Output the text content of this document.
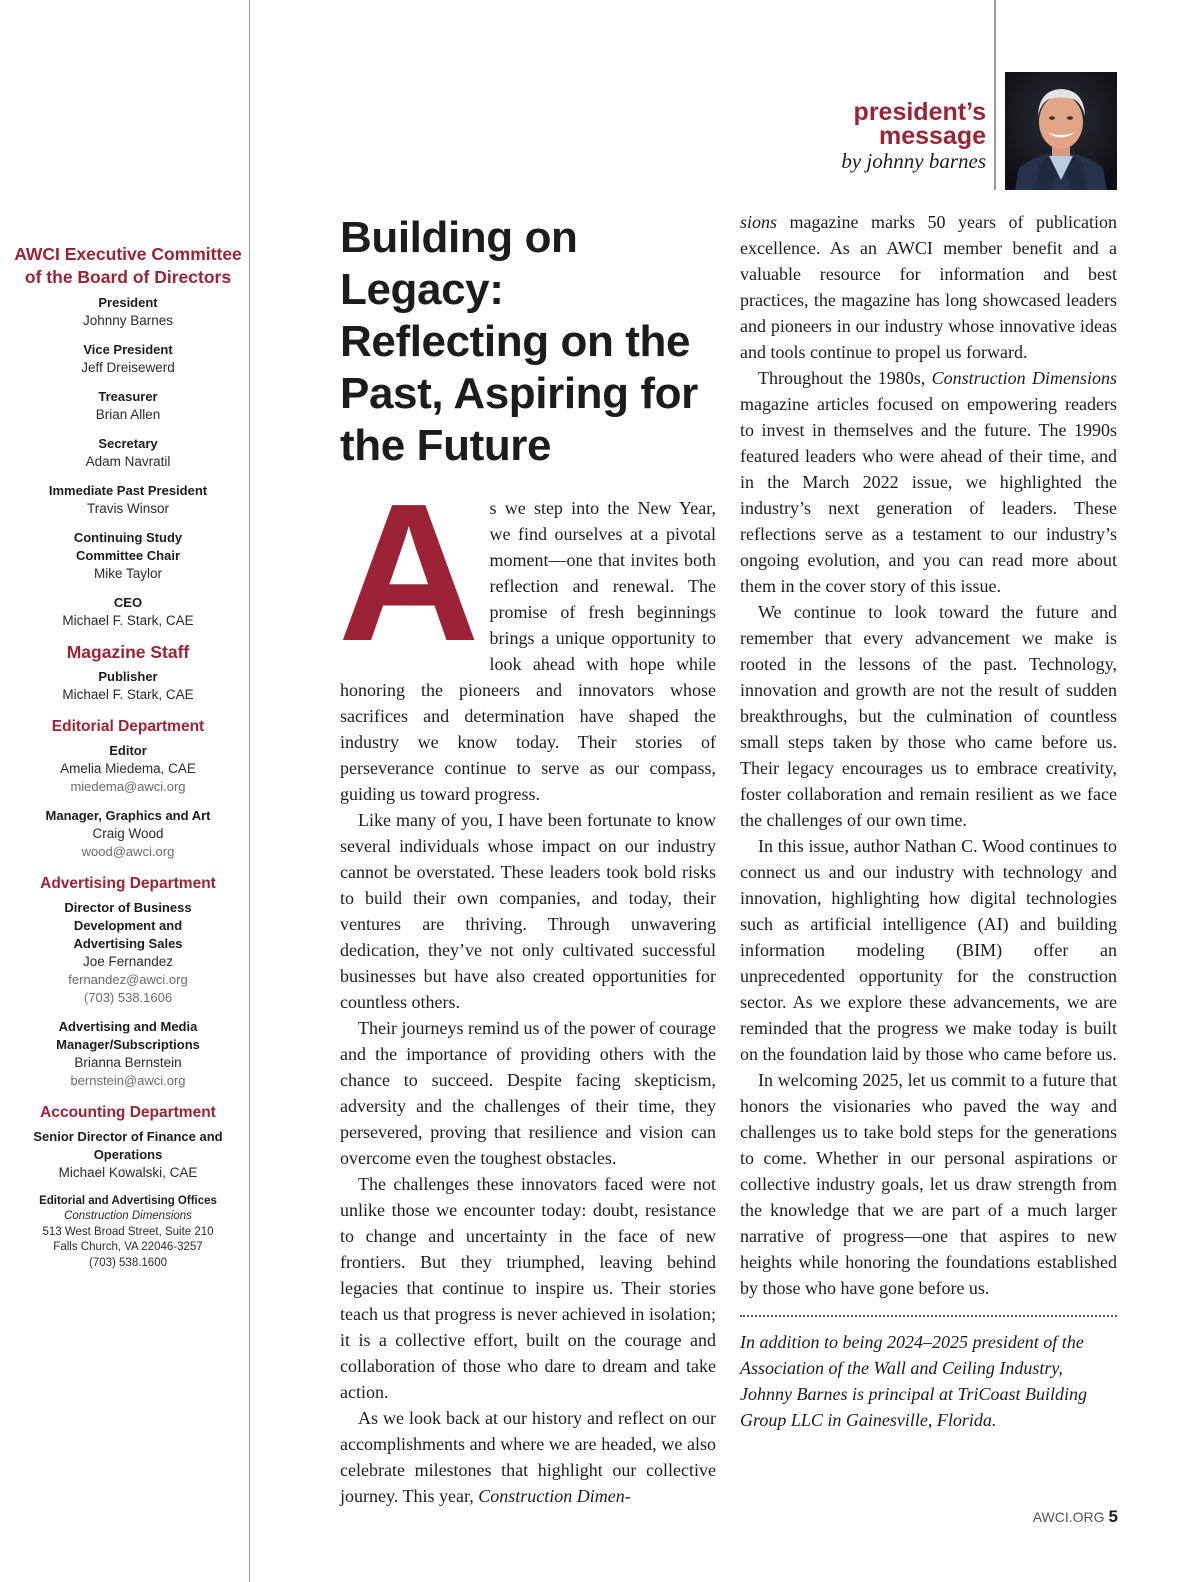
AWCI Executive Committee of the Board of Directors
President
Johnny Barnes
Vice President
Jeff Dreisewerd
Treasurer
Brian Allen
Secretary
Adam Navratil
Immediate Past President
Travis Winsor
Continuing Study Committee Chair
Mike Taylor
CEO
Michael F. Stark, CAE
Magazine Staff
Publisher
Michael F. Stark, CAE
Editorial Department
Editor
Amelia Miedema, CAE
miedema@awci.org
Manager, Graphics and Art
Craig Wood
wood@awci.org
Advertising Department
Director of Business Development and Advertising Sales
Joe Fernandez
fernandez@awci.org
(703) 538.1606
Advertising and Media Manager/Subscriptions
Brianna Bernstein
bernstein@awci.org
Accounting Department
Senior Director of Finance and Operations
Michael Kowalski, CAE
Editorial and Advertising Offices
Construction Dimensions
513 West Broad Street, Suite 210
Falls Church, VA 22046-3257
(703) 538.1600
president’s
message
by johnny barnes
Building on Legacy: Reflecting on the Past, Aspiring for the Future

As we step into the New Year, we find ourselves at a pivotal moment—one that invites both reflection and renewal. The promise of fresh beginnings brings a unique opportunity to look ahead with hope while honoring the pioneers and innovators whose sacrifices and determination have shaped the industry we know today. Their stories of perseverance continue to serve as our compass, guiding us toward progress.

Like many of you, I have been fortunate to know several individuals whose impact on our industry cannot be overstated. These leaders took bold risks to build their own companies, and today, their ventures are thriving. Through unwavering dedication, they’ve not only cultivated successful businesses but have also created opportunities for countless others.

Their journeys remind us of the power of courage and the importance of providing others with the chance to succeed. Despite facing skepticism, adversity and the challenges of their time, they persevered, proving that resilience and vision can overcome even the toughest obstacles.

The challenges these innovators faced were not unlike those we encounter today: doubt, resistance to change and uncertainty in the face of new frontiers. But they triumphed, leaving behind legacies that continue to inspire us. Their stories teach us that progress is never achieved in isolation; it is a collective effort, built on the courage and collaboration of those who dare to dream and take action.

As we look back at our history and reflect on our accomplishments and where we are headed, we also celebrate milestones that highlight our collective journey. This year, Construction Dimen-

sions magazine marks 50 years of publication excellence. As an AWCI member benefit and a valuable resource for information and best practices, the magazine has long showcased leaders and pioneers in our industry whose innovative ideas and tools continue to propel us forward.

Throughout the 1980s, Construction Dimensions magazine articles focused on empowering readers to invest in themselves and the future. The 1990s featured leaders who were ahead of their time, and in the March 2022 issue, we highlighted the industry’s next generation of leaders. These reflections serve as a testament to our industry’s ongoing evolution, and you can read more about them in the cover story of this issue.

We continue to look toward the future and remember that every advancement we make is rooted in the lessons of the past. Technology, innovation and growth are not the result of sudden breakthroughs, but the culmination of countless small steps taken by those who came before us. Their legacy encourages us to embrace creativity, foster collaboration and remain resilient as we face the challenges of our own time.

In this issue, author Nathan C. Wood continues to connect us and our industry with technology and innovation, highlighting how digital technologies such as artificial intelligence (AI) and building information modeling (BIM) offer an unprecedented opportunity for the construction sector. As we explore these advancements, we are reminded that the progress we make today is built on the foundation laid by those who came before us.

In welcoming 2025, let us commit to a future that honors the visionaries who paved the way and challenges us to take bold steps for the generations to come. Whether in our personal aspirations or collective industry goals, let us draw strength from the knowledge that we are part of a much larger narrative of progress—one that aspires to new heights while honoring the foundations established by those who have gone before us.

In addition to being 2024–2025 president of the Association of the Wall and Ceiling Industry, Johnny Barnes is principal at TriCoast Building Group LLC in Gainesville, Florida.

AWCI.ORG 5
